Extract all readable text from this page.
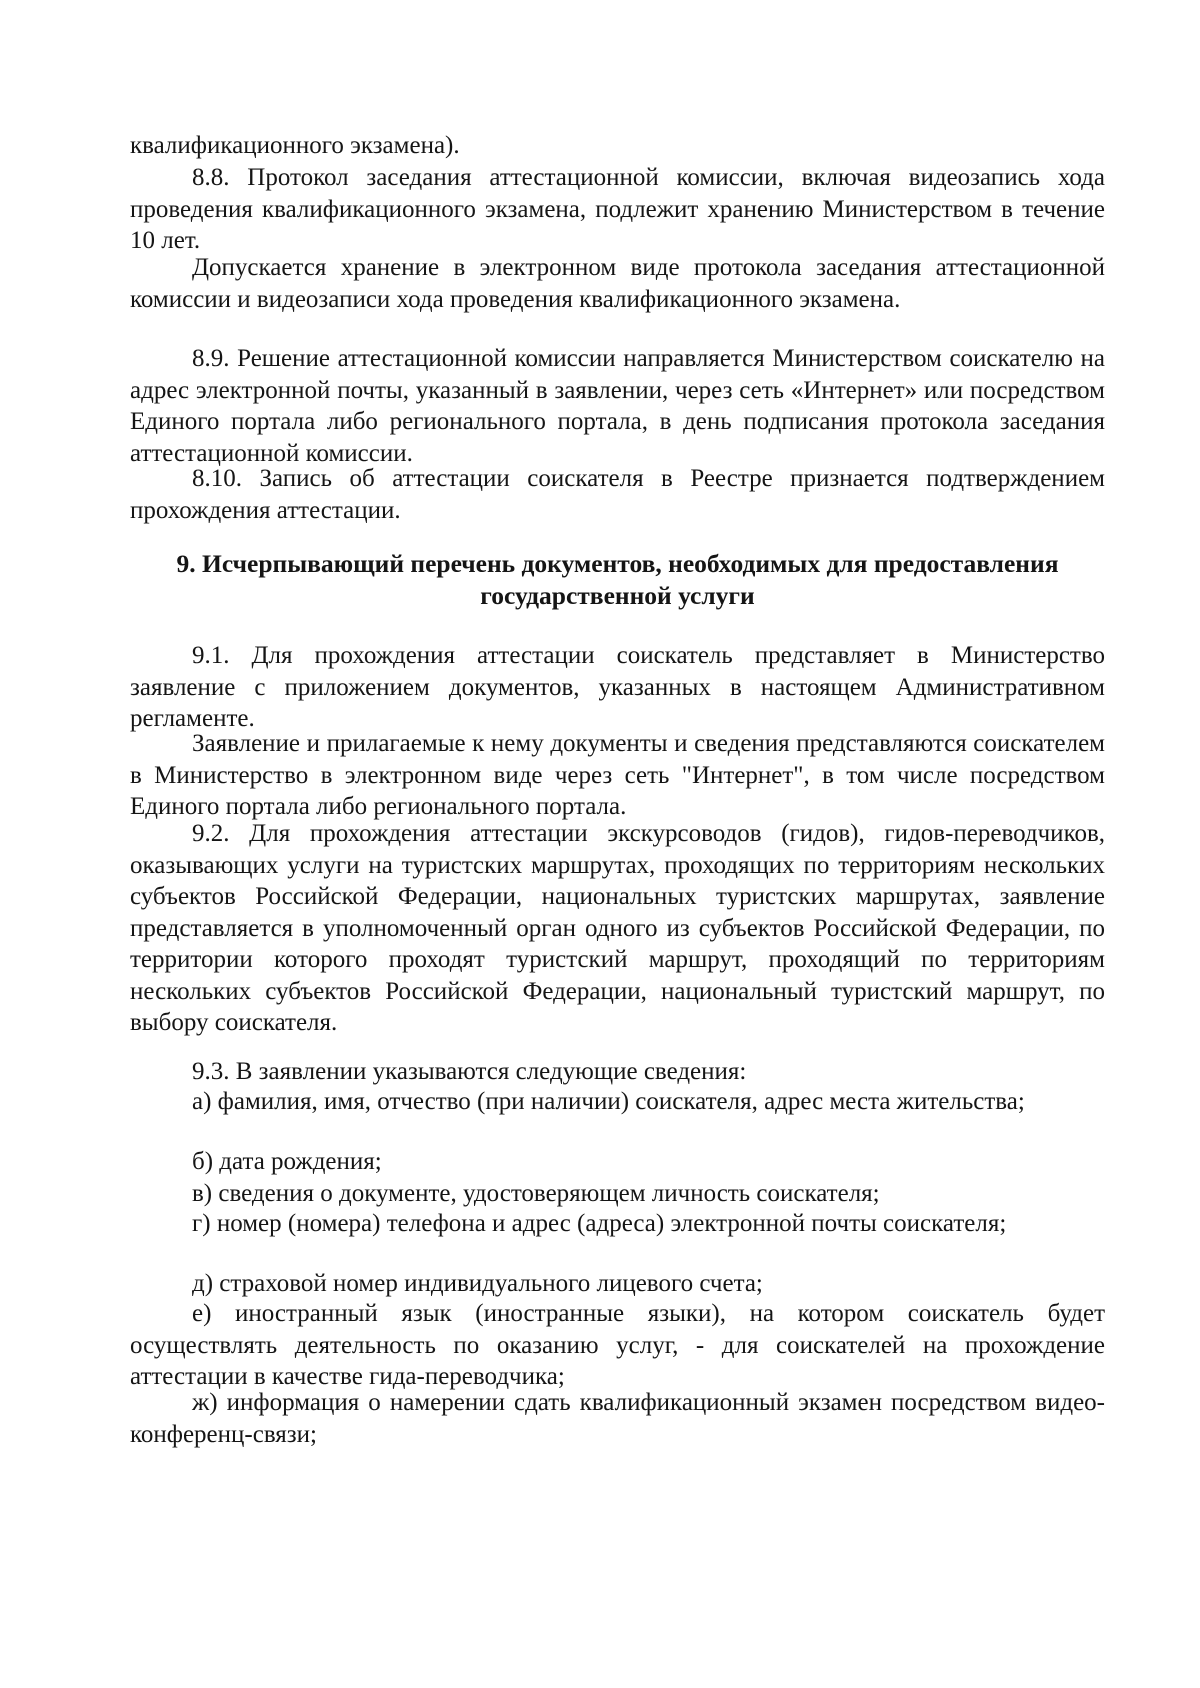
квалификационного экзамена).

8.8. Протокол заседания аттестационной комиссии, включая видеозапись хода проведения квалификационного экзамена, подлежит хранению Министерством в течение 10 лет.

Допускается хранение в электронном виде протокола заседания аттестационной комиссии и видеозаписи хода проведения квалификационного экзамена.

8.9. Решение аттестационной комиссии направляется Министерством соискателю на адрес электронной почты, указанный в заявлении, через сеть «Интернет» или посредством Единого портала либо регионального портала, в день подписания протокола заседания аттестационной комиссии.

8.10. Запись об аттестации соискателя в Реестре признается подтверждением прохождения аттестации.

9. Исчерпывающий перечень документов, необходимых для предоставления государственной услуги

9.1. Для прохождения аттестации соискатель представляет в Министерство заявление с приложением документов, указанных в настоящем Административном регламенте.

Заявление и прилагаемые к нему документы и сведения представляются соискателем в Министерство в электронном виде через сеть "Интернет", в том числе посредством Единого портала либо регионального портала.

9.2. Для прохождения аттестации экскурсоводов (гидов), гидов-переводчиков, оказывающих услуги на туристских маршрутах, проходящих по территориям нескольких субъектов Российской Федерации, национальных туристских маршрутах, заявление представляется в уполномоченный орган одного из субъектов Российской Федерации, по территории которого проходят туристский маршрут, проходящий по территориям нескольких субъектов Российской Федерации, национальный туристский маршрут, по выбору соискателя.

9.3. В заявлении указываются следующие сведения:

а) фамилия, имя, отчество (при наличии) соискателя, адрес места жительства;

б) дата рождения;

в) сведения о документе, удостоверяющем личность соискателя;

г) номер (номера) телефона и адрес (адреса) электронной почты соискателя;

д) страховой номер индивидуального лицевого счета;

е) иностранный язык (иностранные языки), на котором соискатель будет осуществлять деятельность по оказанию услуг, - для соискателей на прохождение аттестации в качестве гида-переводчика;

ж) информация о намерении сдать квалификационный экзамен посредством видео-конференц-связи;
